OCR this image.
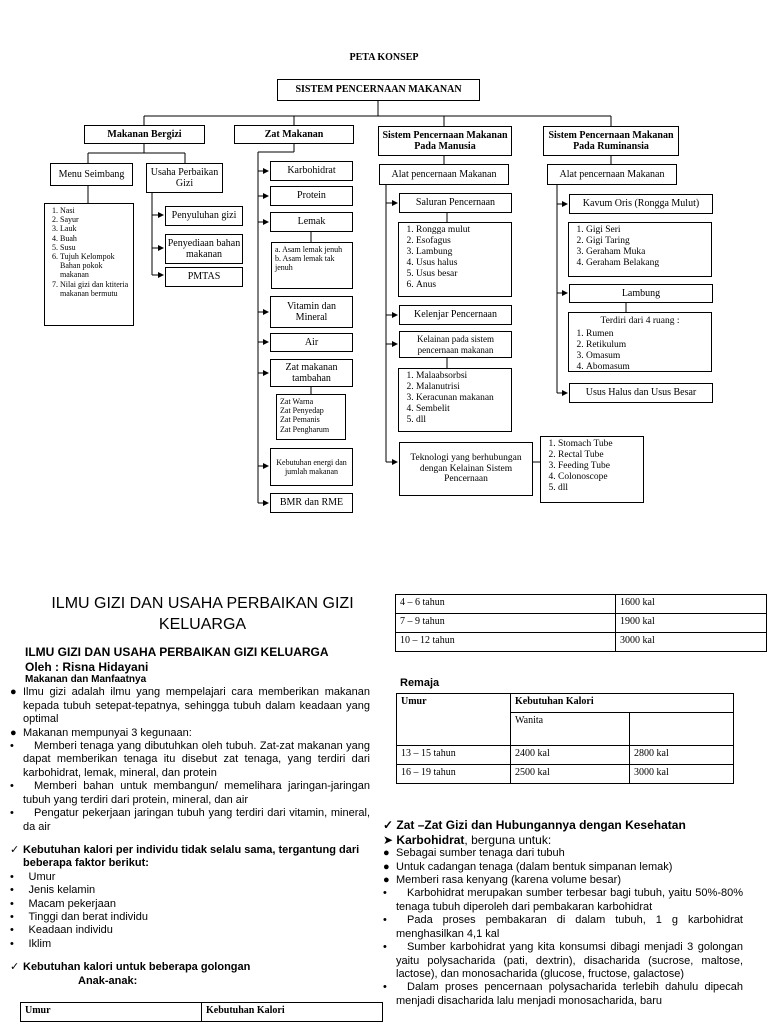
PETA KONSEP
SISTEM PENCERNAAN MAKANAN
Makanan Bergizi	Zat Makanan	Sistem Pencernaan Makanan Pada Manusia
Sistem Pencernaan Makanan Pada Ruminansia
Menu Seimbang	Usaha Perbaikan Gizi
1. Nasi
2. Sayur
3. Lauk
4. Buah
5. Susu
6. Tujuh Kelompok Bahan pokok makanan
7. Nilai gizi dan ktiteria makanan bermutu
Penyuluhan gizi
Penyediaan bahan makanan
PMTAS
Karbohidrat
Protein
Lemak
a. Asam lemak jenuh
b. Asam lemak tak jenuh
Vitamin dan Mineral
Air
Zat makanan tambahan
Zat Warna
Zat Penyedap
Zat Pemanis
Zat Pengharum
Kebutuhan energi dan jumlah makanan
BMR dan RME
Alat pencernaan Makanan
Saluran Pencernaan
1. Rongga mulut
2. Esofagus
3. Lambung
4. Usus halus
5. Usus besar
6. Anus
Kelenjar Pencernaan
Kelainan pada sistem pencernaan makanan
1. Malaabsorbsi
2. Malanutrisi
3. Keracunan makanan
4. Sembelit
5. dll
Teknologi yang berhubungan dengan Kelainan Sistem Pencernaan
1. Stomach Tube
2. Rectal Tube
3. Feeding Tube
4. Colonoscope
5. dll
Alat pencernaan Makanan
Kavum Oris (Rongga Mulut)
1. Gigi Seri
2. Gigi Taring
3. Geraham Muka
4. Geraham Belakang
Lambung
Terdiri dari 4 ruang :
1. Rumen
2. Retikulum
3. Omasum
4. Abomasum
Usus Halus dan Usus Besar
ILMU GIZI DAN USAHA PERBAIKAN GIZI KELUARGA
ILMU GIZI DAN USAHA PERBAIKAN GIZI KELUARGA
Oleh : Risna Hidayani
Makanan dan Manfaatnya
● Ilmu gizi adalah ilmu yang mempelajari cara memberikan makanan kepada tubuh setepat-tepatnya, sehingga tubuh dalam keadaan yang optimal
● Makanan mempunyai 3 kegunaan:
•  Memberi tenaga yang dibutuhkan oleh tubuh. Zat-zat makanan yang dapat memberikan tenaga itu disebut zat tenaga, yang terdiri dari karbohidrat, lemak, mineral, dan protein
•  Memberi bahan untuk membangun/ memelihara jaringan-jaringan tubuh yang terdiri dari protein, mineral, dan air
•  Pengatur pekerjaan jaringan tubuh yang terdiri dari vitamin, mineral, da air
✓ Kebutuhan kalori per individu tidak selalu sama, tergantung dari beberapa faktor berikut:
•  Umur
•  Jenis kelamin
•  Macam pekerjaan
•  Tinggi dan berat individu
•  Keadaan individu
•  Iklim
✓ Kebutuhan kalori untuk beberapa golongan
Anak-anak:
Umur	Kebutuhan Kalori
4 – 6 tahun	1600 kal
7 – 9 tahun	1900 kal
10 – 12 tahun	3000 kal
Remaja
Umur	Kebutuhan Kalori	
	Wanita	
13 – 15 tahun	2400 kal	2800 kal
16 – 19 tahun	2500 kal	3000 kal
✓ Zat –Zat Gizi dan Hubungannya dengan Kesehatan
➤ Karbohidrat, berguna untuk:
● Sebagai sumber tenaga dari tubuh
● Untuk cadangan tenaga (dalam bentuk simpanan lemak)
● Memberi rasa kenyang (karena volume besar)
•  Karbohidrat merupakan sumber terbesar bagi tubuh, yaitu 50%-80% tenaga tubuh diperoleh dari pembakaran karbohidrat
•  Pada proses pembakaran di dalam tubuh, 1 g karbohidrat menghasilkan 4,1 kal
•  Sumber karbohidrat yang kita konsumsi dibagi menjadi 3 golongan yaitu polysacharida (pati, dextrin), disacharida (sucrose, maltose, lactose), dan monosacharida (glucose, fructose, galactose)
•  Dalam proses pencernaan polysacharida terlebih dahulu dipecah menjadi disacharida lalu menjadi monosacharida, baru
